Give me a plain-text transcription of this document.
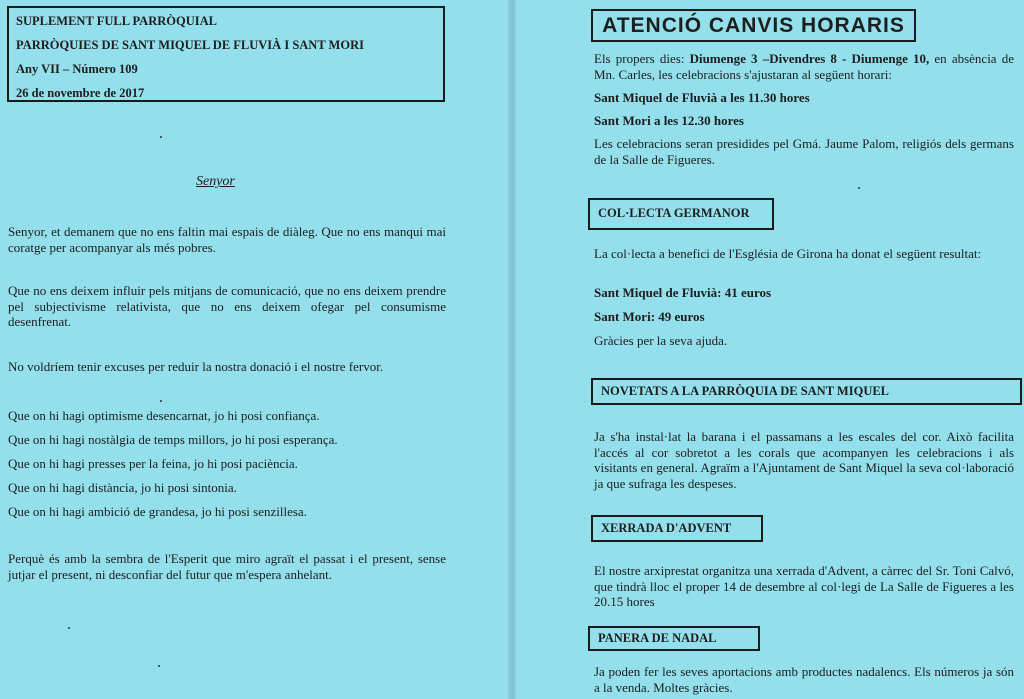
SUPLEMENT FULL PARRÒQUIAL
PARRÒQUIES DE SANT MIQUEL DE FLUVIÀ I SANT MORI
Any VII – Número 109
26 de novembre de 2017
Senyor

Senyor, et demanem que no ens faltin mai espais de diàleg. Que no ens manqui mai coratge per acompanyar als més pobres.

Que no ens deixem influir pels mitjans de comunicació, que no ens deixem prendre pel subjectivisme relativista, que no ens deixem ofegar pel consumisme desenfrenat.

No voldríem tenir excuses per reduir la nostra donació i el nostre fervor.

Que on hi hagi optimisme desencarnat, jo hi posi confiança.

Que on hi hagi nostàlgia de temps millors, jo hi posi esperança.

Que on hi hagi presses per la feina, jo hi posi paciència.

Que on hi hagi distància, jo hi posi sintonia.

Que on hi hagi ambició de grandesa, jo hi posi senzillesa.

Perquè és amb la sembra de l'Esperit que miro agraït el passat i el present, sense jutjar el present, ni desconfiar del futur que m'espera anhelant.

ATENCIÓ CANVIS HORARIS

Els propers dies: Diumenge 3 –Divendres 8 - Diumenge 10, en absència de Mn. Carles, les celebracions s'ajustaran al següent horari:

Sant Miquel de Fluvià a les 11.30 hores

Sant Mori a les 12.30 hores

Les celebracions seran presidides pel Gmá. Jaume Palom, religiós dels germans de la Salle de Figueres.

COL·LECTA GERMANOR

La col·lecta a benefici de l'Església de Girona ha donat el següent resultat:

Sant Miquel de Fluvià: 41 euros

Sant Mori: 49 euros

Gràcies per la seva ajuda.

NOVETATS A LA PARRÒQUIA DE SANT MIQUEL

Ja s'ha instal·lat la barana i el passamans a les escales del cor. Això facilita l'accés al cor sobretot a les corals que acompanyen les celebracions i als visitants en general. Agraïm a l'Ajuntament de Sant Miquel la seva col·laboració ja que sufraga les despeses.

XERRADA D'ADVENT

El nostre arxiprestat organitza una xerrada d'Advent, a càrrec del Sr. Toni Calvó, que tindrà lloc el proper 14 de desembre al col·legi de La Salle de Figueres a les 20.15 hores

PANERA DE NADAL

Ja poden fer les seves aportacions amb productes nadalencs. Els números ja són a la venda. Moltes gràcies.
